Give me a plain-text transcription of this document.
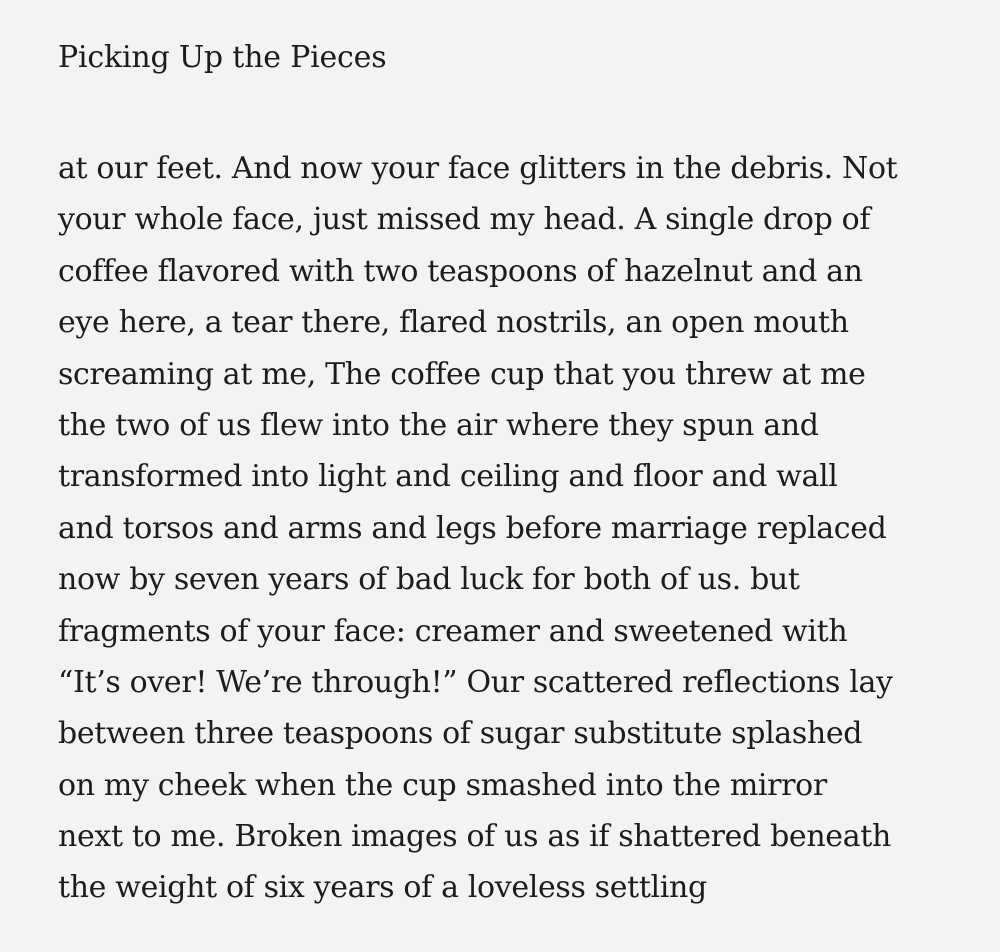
Picking Up the Pieces
at our feet. And now your face glitters in the debris. Not
your whole face, just missed my head. A single drop of
coffee flavored with two teaspoons of hazelnut and an
eye here, a tear there, flared nostrils, an open mouth
screaming at me, The coffee cup that you threw at me
the two of us flew into the air where they spun and
transformed into light and ceiling and floor and wall
and torsos and arms and legs before marriage replaced
now by seven years of bad luck for both of us. but
fragments of your face: creamer and sweetened with
“It’s over! We’re through!” Our scattered reflections lay
between three teaspoons of sugar substitute splashed
on my cheek when the cup smashed into the mirror
next to me. Broken images of us as if shattered beneath
the weight of six years of a loveless settling
